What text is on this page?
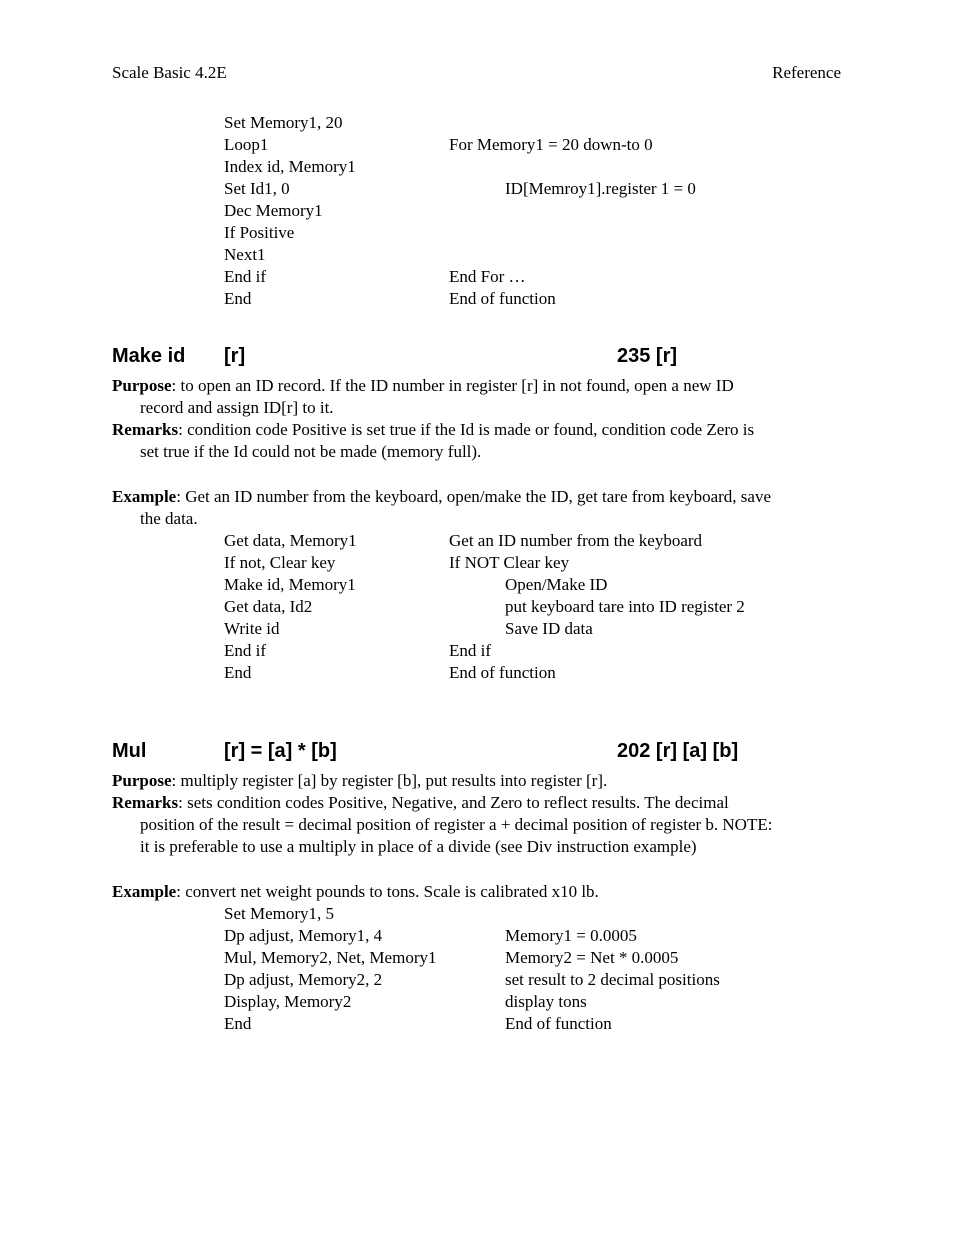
Scale Basic 4.2E	Reference
Set Memory1, 20
Loop1	For Memory1 = 20 down-to 0
Index id, Memory1
Set Id1, 0	ID[Memroy1].register 1 = 0
Dec Memory1
If Positive
Next1
End if	End For …
End	End of function
Make id [r]	235 [r]
Purpose: to open an ID record. If the ID number in register [r] in not found, open a new ID
record and assign ID[r] to it.
Remarks: condition code Positive is set true if the Id is made or found, condition code Zero is
set true if the Id could not be made (memory full).
Example: Get an ID number from the keyboard, open/make the ID, get tare from keyboard, save
the data.
Get data, Memory1	Get an ID number from the keyboard
If not, Clear key	If NOT Clear key
Make id, Memory1	Open/Make ID
Get data, Id2	put keyboard tare into ID register 2
Write id	Save ID data
End if	End if
End	End of function
Mul	[r] = [a] * [b]	202 [r] [a] [b]
Purpose: multiply register [a] by register [b], put results into register [r].
Remarks: sets condition codes Positive, Negative, and Zero to reflect results. The decimal
position of the result = decimal position of register a + decimal position of register b. NOTE:
it is preferable to use a multiply in place of a divide (see Div instruction example)
Example: convert net weight pounds to tons. Scale is calibrated x10 lb.
Set Memory1, 5
Dp adjust, Memory1, 4	Memory1 = 0.0005
Mul, Memory2, Net, Memory1	Memory2 = Net * 0.0005
Dp adjust, Memory2, 2	set result to 2 decimal positions
Display, Memory2	display tons
End	End of function
